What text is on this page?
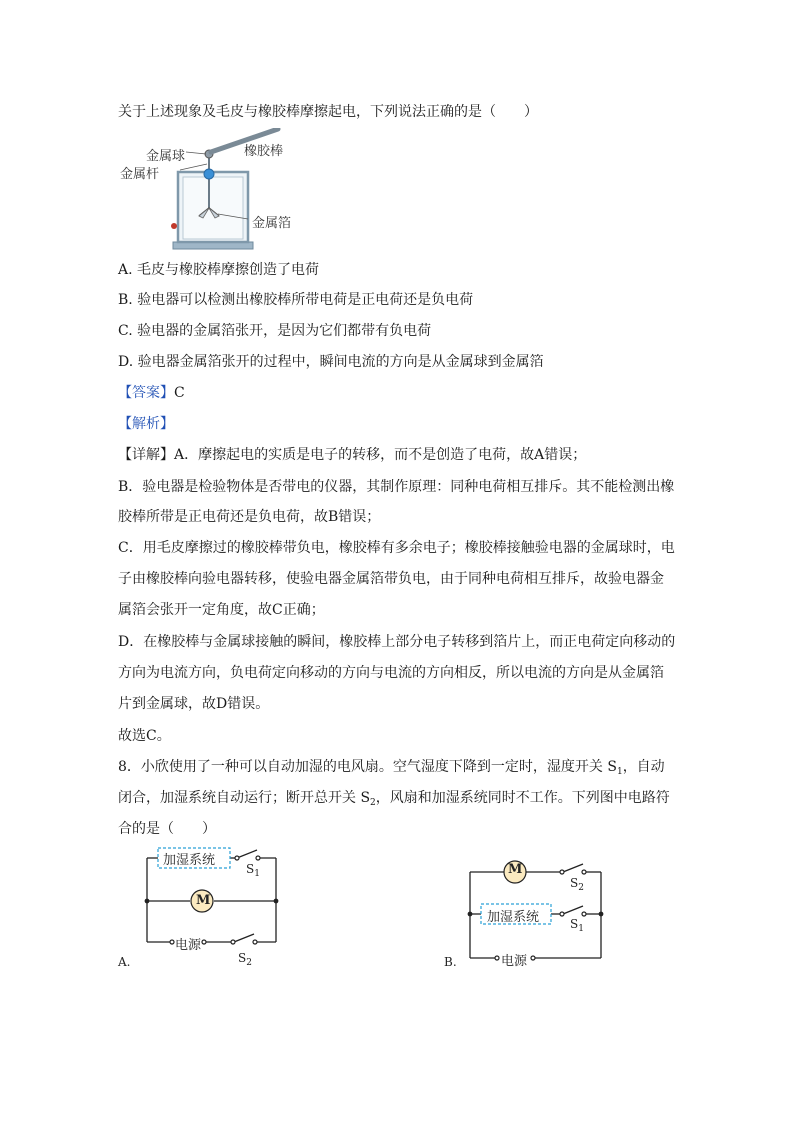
关于上述现象及毛皮与橡胶棒摩擦起电，下列说法正确的是（　　）
金属球
金属杆
橡胶棒
金属箔
A. 毛皮与橡胶棒摩擦创造了电荷
B. 验电器可以检测出橡胶棒所带电荷是正电荷还是负电荷
C. 验电器的金属箔张开，是因为它们都带有负电荷
D. 验电器金属箔张开的过程中，瞬间电流的方向是从金属球到金属箔
【答案】C
【解析】
【详解】A．摩擦起电的实质是电子的转移，而不是创造了电荷，故A错误；
B．验电器是检验物体是否带电的仪器，其制作原理：同种电荷相互排斥。其不能检测出橡
胶棒所带是正电荷还是负电荷，故B错误；
C．用毛皮摩擦过的橡胶棒带负电，橡胶棒有多余电子；橡胶棒接触验电器的金属球时，电
子由橡胶棒向验电器转移，使验电器金属箔带负电，由于同种电荷相互排斥，故验电器金
属箔会张开一定角度，故C正确；
D．在橡胶棒与金属球接触的瞬间，橡胶棒上部分电子转移到箔片上，而正电荷定向移动的
方向为电流方向，负电荷定向移动的方向与电流的方向相反，所以电流的方向是从金属箔
片到金属球，故D错误。
故选C。
8．小欣使用了一种可以自动加湿的电风扇。空气湿度下降到一定时，湿度开关 $S_1$，自动
闭合，加湿系统自动运行；断开总开关 $S_2$，风扇和加湿系统同时不工作。下列图中电路符
合的是（　　）
加湿系统
M
$S_1$
电源
$S_2$
A.
M
$S_2$
加湿系统	$S_1$
电源
B.
